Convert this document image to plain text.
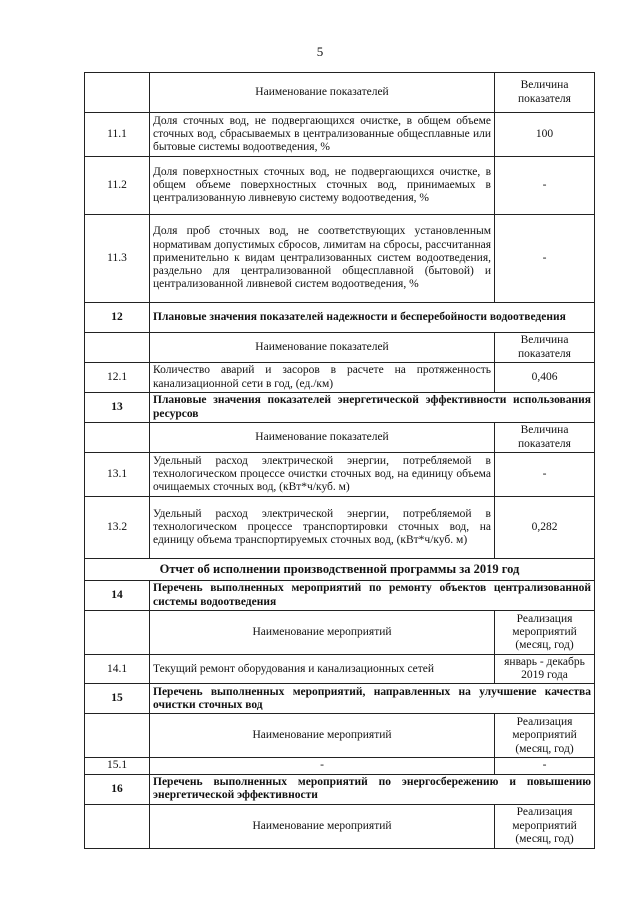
5
	Наименование показателей	Величина показателя
11.1	Доля сточных вод, не подвергающихся очистке, в общем объеме сточных вод, сбрасываемых в централизованные общесплавные или бытовые системы водоотведения, %	100
11.2	Доля поверхностных сточных вод, не подвергающихся очистке, в общем объеме поверхностных сточных вод, принимаемых в централизованную ливневую систему водоотведения, %	-
11.3	Доля проб сточных вод, не соответствующих установленным нормативам допустимых сбросов, лимитам на сбросы, рассчитанная применительно к видам централизованных систем водоотведения, раздельно для централизованной общесплавной (бытовой) и централизованной ливневой систем водоотведения, %	-
12	Плановые значения показателей надежности и бесперебойности водоотведения	
	Наименование показателей	Величина показателя
12.1	Количество аварий и засоров в расчете на протяженность канализационной сети в год, (ед./км)	0,406
13	Плановые значения показателей энергетической эффективности использования ресурсов	
	Наименование показателей	Величина показателя
13.1	Удельный расход электрической энергии, потребляемой в технологическом процессе очистки сточных вод, на единицу объема очищаемых сточных вод, (кВт*ч/куб. м)	-
13.2	Удельный расход электрической энергии, потребляемой в технологическом процессе транспортировки сточных вод, на единицу объема транспортируемых сточных вод, (кВт*ч/куб. м)	0,282
Отчет об исполнении производственной программы за 2019 год		
14	Перечень выполненных мероприятий по ремонту объектов централизованной системы водоотведения	
	Наименование мероприятий	Реализация мероприятий (месяц, год)
14.1	Текущий ремонт оборудования и канализационных сетей	январь - декабрь 2019 года
15	Перечень выполненных мероприятий, направленных на улучшение качества очистки сточных вод	
	Наименование мероприятий	Реализация мероприятий (месяц, год)
15.1	-	-
16	Перечень выполненных мероприятий по энергосбережению и повышению энергетической эффективности	
	Наименование мероприятий	Реализация мероприятий (месяц, год)
